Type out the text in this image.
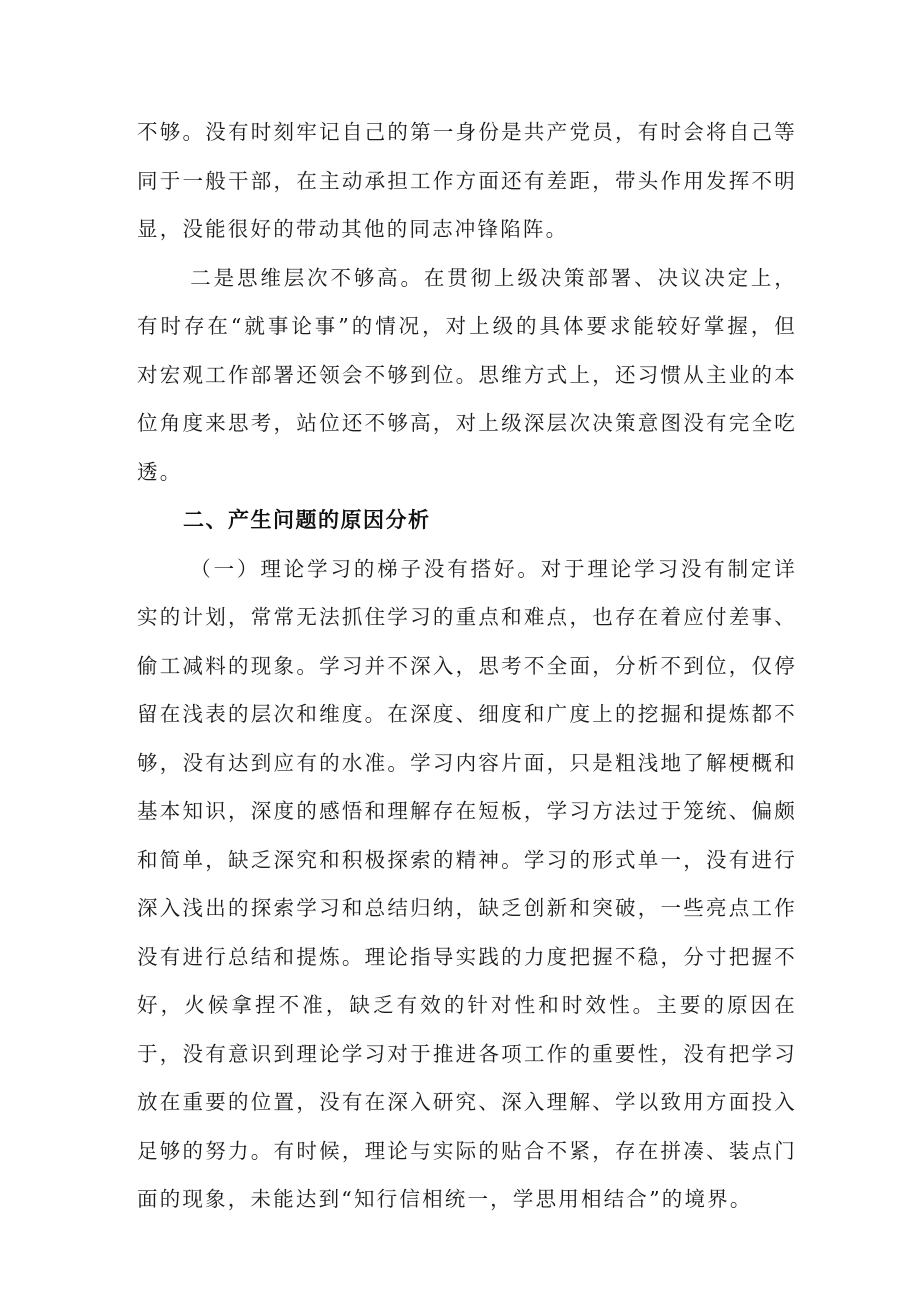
不够。没有时刻牢记自己的第一身份是共产党员，有时会将自己等同于一般干部，在主动承担工作方面还有差距，带头作用发挥不明显，没能很好的带动其他的同志冲锋陷阵。

二是思维层次不够高。在贯彻上级决策部署、决议决定上，有时存在“就事论事”的情况，对上级的具体要求能较好掌握，但对宏观工作部署还领会不够到位。思维方式上，还习惯从主业的本位角度来思考，站位还不够高，对上级深层次决策意图没有完全吃透。

二、产生问题的原因分析

（一）理论学习的梯子没有搭好。对于理论学习没有制定详实的计划，常常无法抓住学习的重点和难点，也存在着应付差事、偷工减料的现象。学习并不深入，思考不全面，分析不到位，仅停留在浅表的层次和维度。在深度、细度和广度上的挖掘和提炼都不够，没有达到应有的水准。学习内容片面，只是粗浅地了解梗概和基本知识，深度的感悟和理解存在短板，学习方法过于笼统、偏颇和简单，缺乏深究和积极探索的精神。学习的形式单一，没有进行深入浅出的探索学习和总结归纳，缺乏创新和突破，一些亮点工作没有进行总结和提炼。理论指导实践的力度把握不稳，分寸把握不好，火候拿捏不准，缺乏有效的针对性和时效性。主要的原因在于，没有意识到理论学习对于推进各项工作的重要性，没有把学习放在重要的位置，没有在深入研究、深入理解、学以致用方面投入足够的努力。有时候，理论与实际的贴合不紧，存在拼凑、装点门面的现象，未能达到“知行信相统一，学思用相结合”的境界。
